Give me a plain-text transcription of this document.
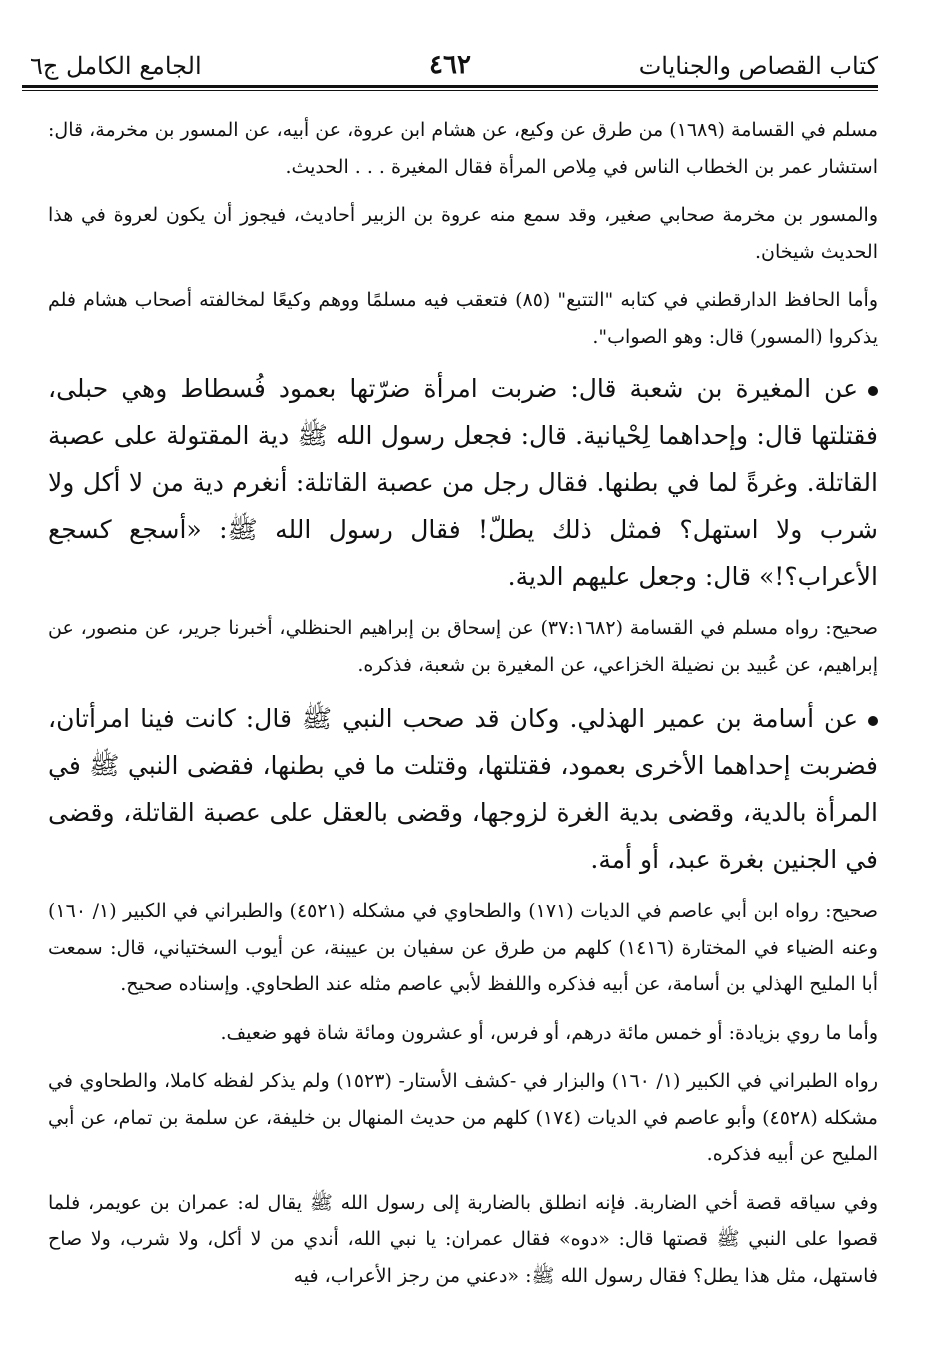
الجامع الكامل ج٦	٤٦٢	كتاب القصاص والجنايات

مسلم في القسامة (١٦٨٩) من طرق عن وكيع، عن هشام ابن عروة، عن أبيه، عن المسور بن مخرمة، قال: استشار عمر بن الخطاب الناس في مِلاص المرأة فقال المغيرة . . . الحديث.

والمسور بن مخرمة صحابي صغير، وقد سمع منه عروة بن الزبير أحاديث، فيجوز أن يكون لعروة في هذا الحديث شيخان.

وأما الحافظ الدارقطني في كتابه "التتبع" (٨٥) فتعقب فيه مسلمًا ووهم وكيعًا لمخالفته أصحاب هشام فلم يذكروا (المسور) قال: وهو الصواب".

عن المغيرة بن شعبة قال: ضربت امرأة ضرّتها بعمود فُسطاط وهي حبلى، فقتلتها قال: وإحداهما لِحْيانية. قال: فجعل رسول الله ﷺ دية المقتولة على عصبة القاتلة. وغرةً لما في بطنها. فقال رجل من عصبة القاتلة: أنغرم دية من لا أكل ولا شرب ولا استهل؟ فمثل ذلك يطلّ! فقال رسول الله ﷺ: «أسجع كسجع الأعراب؟!» قال: وجعل عليهم الدية.

صحيح: رواه مسلم في القسامة (٣٧:١٦٨٢) عن إسحاق بن إبراهيم الحنظلي، أخبرنا جرير، عن منصور، عن إبراهيم، عن عُبيد بن نضيلة الخزاعي، عن المغيرة بن شعبة، فذكره.

عن أسامة بن عمير الهذلي. وكان قد صحب النبي ﷺ قال: كانت فينا امرأتان، فضربت إحداهما الأخرى بعمود، فقتلتها، وقتلت ما في بطنها، فقضى النبي ﷺ في المرأة بالدية، وقضى بدية الغرة لزوجها، وقضى بالعقل على عصبة القاتلة، وقضى في الجنين بغرة عبد، أو أمة.

صحيح: رواه ابن أبي عاصم في الديات (١٧١) والطحاوي في مشكله (٤٥٢١) والطبراني في الكبير (١/ ١٦٠) وعنه الضياء في المختارة (١٤١٦) كلهم من طرق عن سفيان بن عيينة، عن أيوب السختياني، قال: سمعت أبا المليح الهذلي بن أسامة، عن أبيه فذكره واللفظ لأبي عاصم مثله عند الطحاوي. وإسناده صحيح.

وأما ما روي بزيادة: أو خمس مائة درهم، أو فرس، أو عشرون ومائة شاة فهو ضعيف.

رواه الطبراني في الكبير (١/ ١٦٠) والبزار في -كشف الأستار- (١٥٢٣) ولم يذكر لفظه كاملا، والطحاوي في مشكله (٤٥٢٨) وأبو عاصم في الديات (١٧٤) كلهم من حديث المنهال بن خليفة، عن سلمة بن تمام، عن أبي المليح عن أبيه فذكره.

وفي سياقه قصة أخي الضاربة. فإنه انطلق بالضاربة إلى رسول الله ﷺ يقال له: عمران بن عويمر، فلما قصوا على النبي ﷺ قصتها قال: «دوه» فقال عمران: يا نبي الله، أندي من لا أكل، ولا شرب، ولا صاح فاستهل، مثل هذا يطل؟ فقال رسول الله ﷺ: «دعني من رجز الأعراب، فيه
